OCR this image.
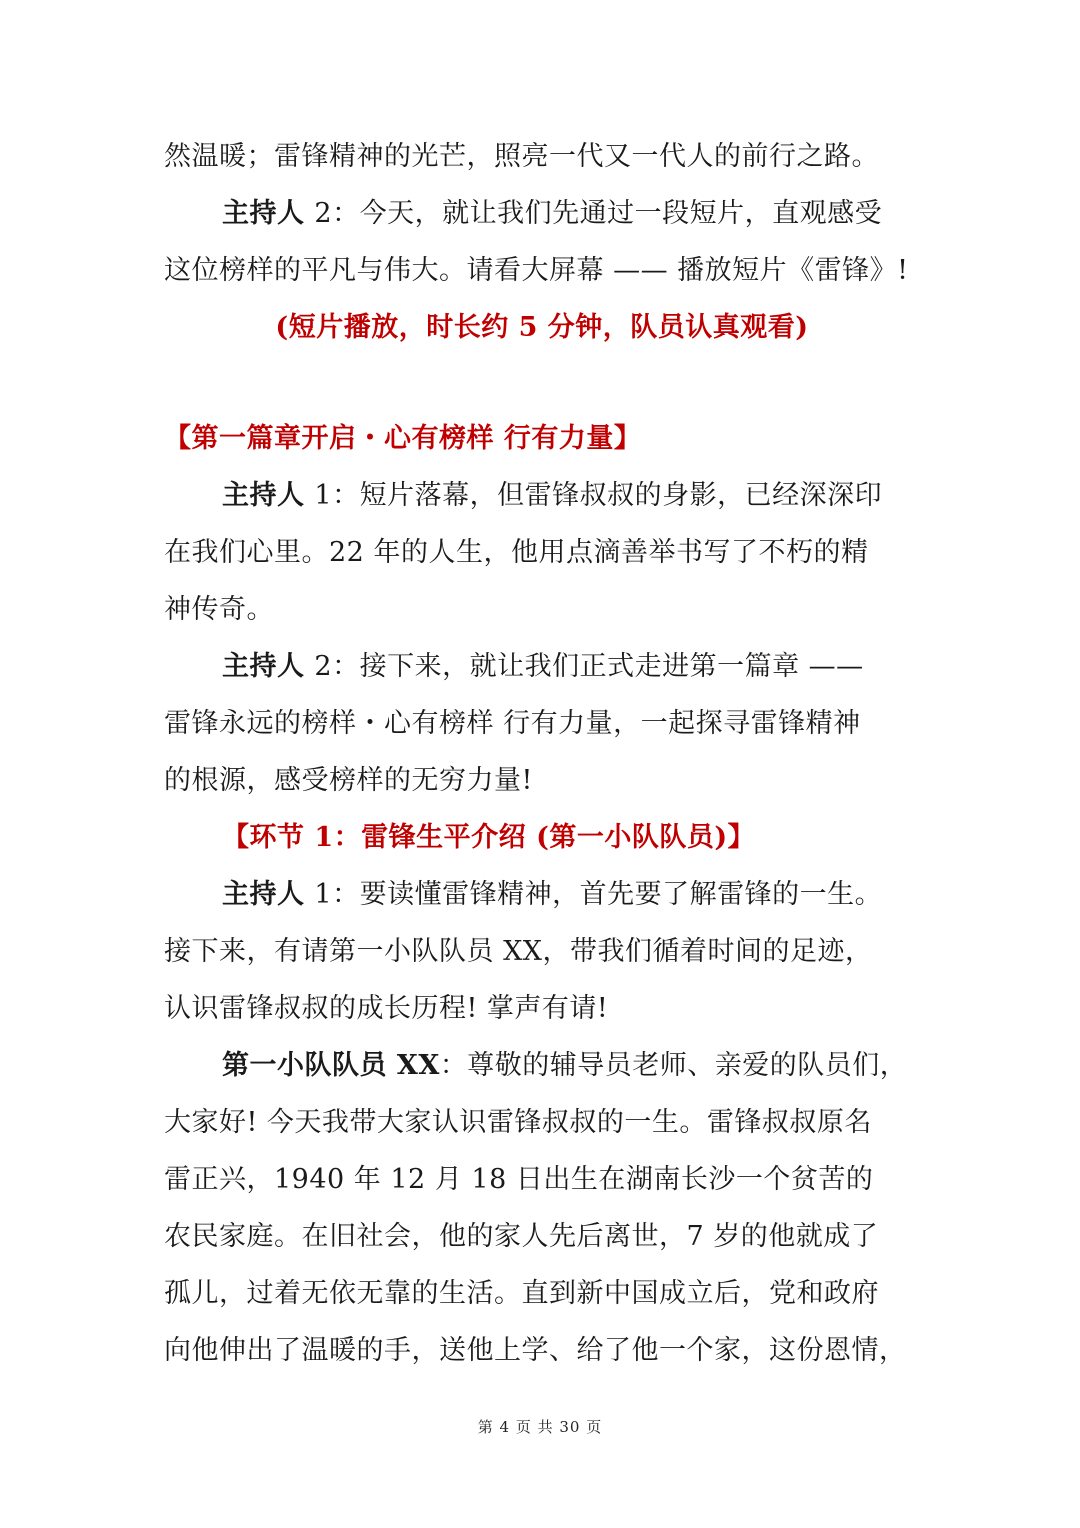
然温暖；雷锋精神的光芒，照亮一代又一代人的前行之路。
主持人 2：今天，就让我们先通过一段短片，直观感受
这位榜样的平凡与伟大。请看大屏幕 —— 播放短片《雷锋》!
(短片播放，时长约 5 分钟，队员认真观看)
【第一篇章开启・心有榜样 行有力量】
主持人 1：短片落幕，但雷锋叔叔的身影，已经深深印
在我们心里。22 年的人生，他用点滴善举书写了不朽的精
神传奇。
主持人 2：接下来，就让我们正式走进第一篇章 ——
雷锋永远的榜样・心有榜样 行有力量，一起探寻雷锋精神
的根源，感受榜样的无穷力量!
【环节 1：雷锋生平介绍 (第一小队队员)】
主持人 1：要读懂雷锋精神，首先要了解雷锋的一生。
接下来，有请第一小队队员 XX，带我们循着时间的足迹，
认识雷锋叔叔的成长历程! 掌声有请!
第一小队队员 XX：尊敬的辅导员老师、亲爱的队员们，
大家好! 今天我带大家认识雷锋叔叔的一生。雷锋叔叔原名
雷正兴，1940 年 12 月 18 日出生在湖南长沙一个贫苦的
农民家庭。在旧社会，他的家人先后离世，7 岁的他就成了
孤儿，过着无依无靠的生活。直到新中国成立后，党和政府
向他伸出了温暖的手，送他上学、给了他一个家，这份恩情，
第 4 页 共 30 页
